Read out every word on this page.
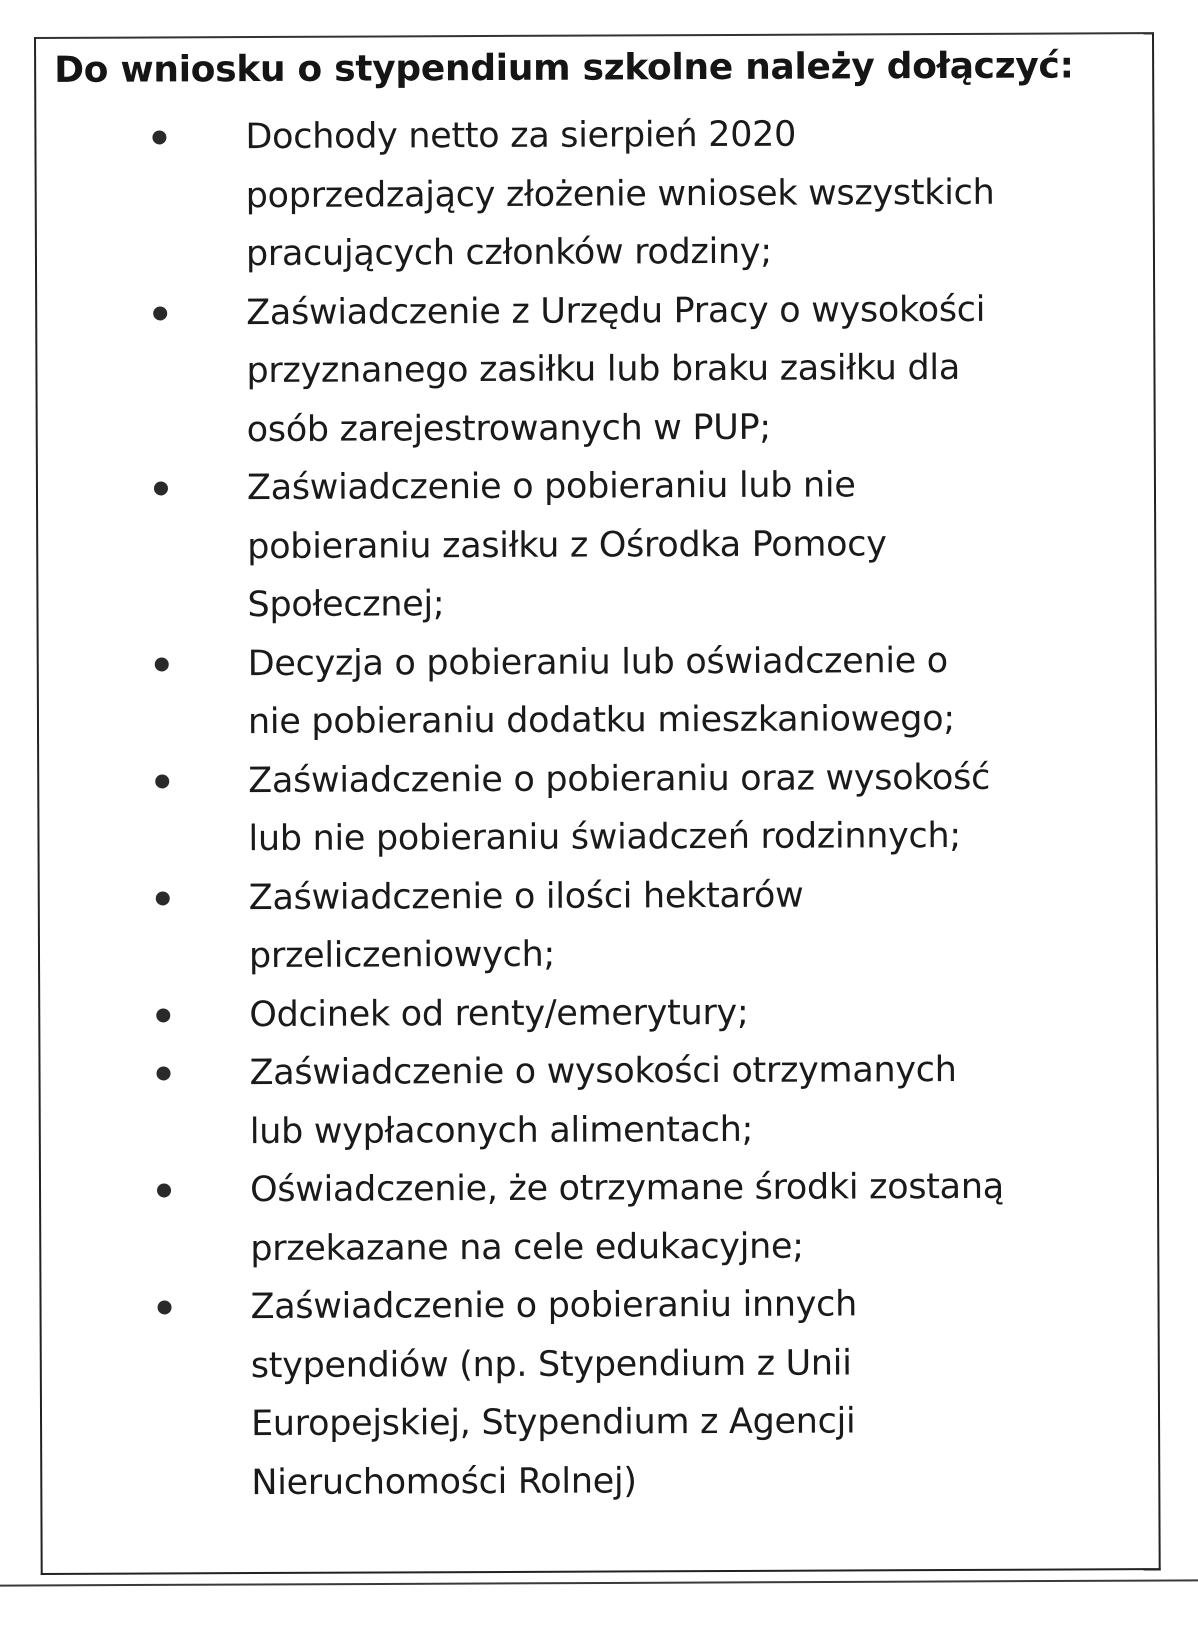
Do wniosku o stypendium szkolne należy dołączyć:
Dochody netto za sierpień 2020
poprzedzający złożenie wniosek wszystkich
pracujących członków rodziny;
Zaświadczenie z Urzędu Pracy o wysokości
przyznanego zasiłku lub braku zasiłku dla
osób zarejestrowanych w PUP;
Zaświadczenie o pobieraniu lub nie
pobieraniu zasiłku z Ośrodka Pomocy
Społecznej;
Decyzja o pobieraniu lub oświadczenie o
nie pobieraniu dodatku mieszkaniowego;
Zaświadczenie o pobieraniu oraz wysokość
lub nie pobieraniu świadczeń rodzinnych;
Zaświadczenie o ilości hektarów
przeliczeniowych;
Odcinek od renty/emerytury;
Zaświadczenie o wysokości otrzymanych
lub wypłaconych alimentach;
Oświadczenie, że otrzymane środki zostaną
przekazane na cele edukacyjne;
Zaświadczenie o pobieraniu innych
stypendiów (np. Stypendium z Unii
Europejskiej, Stypendium z Agencji
Nieruchomości Rolnej)
